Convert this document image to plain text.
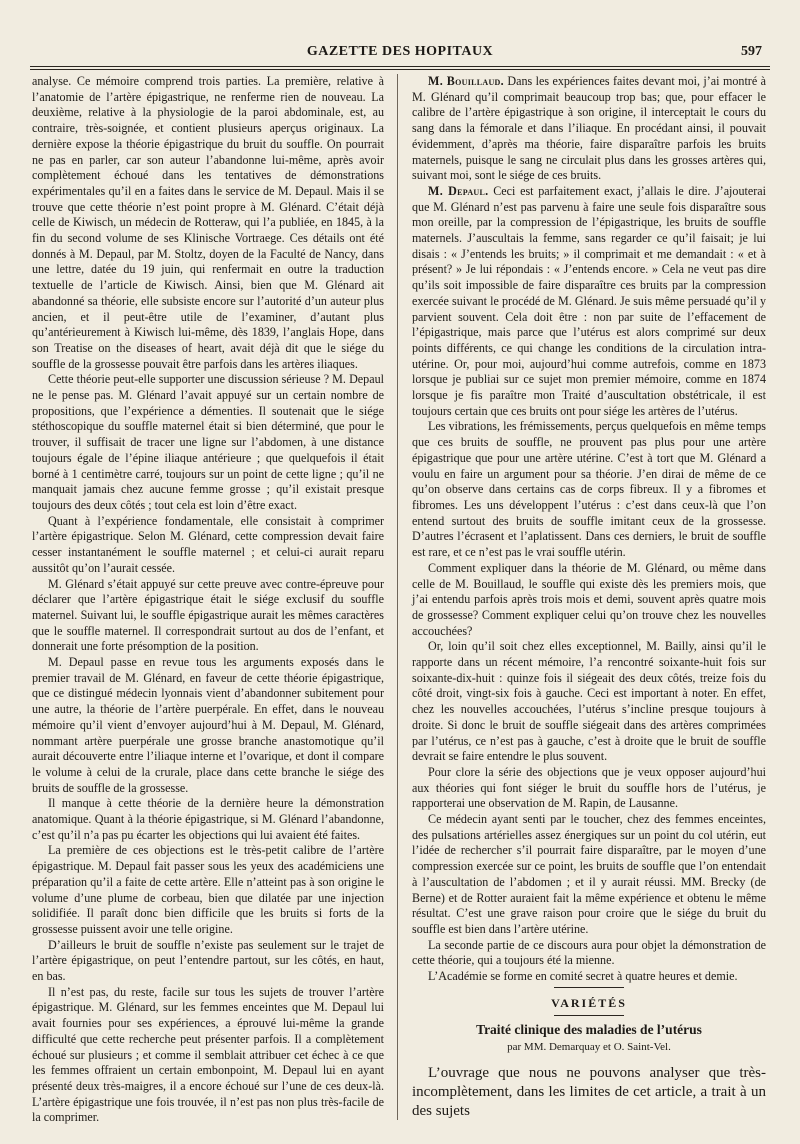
GAZETTE DES HOPITAUX	597

analyse. Ce mémoire comprend trois parties. La première, relative à l’anatomie de l’artère épigastrique, ne renferme rien de nouveau. La deuxième, relative à la physiologie de la paroi abdominale, est, au contraire, très-soignée, et contient plusieurs aperçus originaux. La dernière expose la théorie épigastrique du bruit du souffle. On pourrait ne pas en parler, car son auteur l’abandonne lui-même, après avoir complètement échoué dans les tentatives de démonstrations expérimentales qu’il en a faites dans le service de M. Depaul. Mais il se trouve que cette théorie n’est point propre à M. Glénard. C’était déjà celle de Kiwisch, un médecin de Rotteraw, qui l’a publiée, en 1845, à la fin du second volume de ses Klinische Vortraege. Ces détails ont été donnés à M. Depaul, par M. Stoltz, doyen de la Faculté de Nancy, dans une lettre, datée du 19 juin, qui renfermait en outre la traduction textuelle de l’article de Kiwisch. Ainsi, bien que M. Glénard ait abandonné sa théorie, elle subsiste encore sur l’autorité d’un auteur plus ancien, et il peut-être utile de l’examiner, d’autant plus qu’antérieurement à Kiwisch lui-même, dès 1839, l’anglais Hope, dans son Treatise on the diseases of heart, avait déjà dit que le siége du souffle de la grossesse pouvait être parfois dans les artères iliaques.

Cette théorie peut-elle supporter une discussion sérieuse ? M. Depaul ne le pense pas. M. Glénard l’avait appuyé sur un certain nombre de propositions, que l’expérience a démenties. Il soutenait que le siége stéthoscopique du souffle maternel était si bien déterminé, que pour le trouver, il suffisait de tracer une ligne sur l’abdomen, à une distance toujours égale de l’épine iliaque antérieure ; que quelquefois il était borné à 1 centimètre carré, toujours sur un point de cette ligne ; qu’il ne manquait jamais chez aucune femme grosse ; qu’il existait presque toujours des deux côtés ; tout cela est loin d’être exact.

Quant à l’expérience fondamentale, elle consistait à comprimer l’artère épigastrique. Selon M. Glénard, cette compression devait faire cesser instantanément le souffle maternel ; et celui-ci aurait reparu aussitôt qu’on l’aurait cessée.

M. Glénard s’était appuyé sur cette preuve avec contre-épreuve pour déclarer que l’artère épigastrique était le siége exclusif du souffle maternel. Suivant lui, le souffle épigastrique aurait les mêmes caractères que le souffle maternel. Il correspondrait surtout au dos de l’enfant, et donnerait une forte présomption de la position.

M. Depaul passe en revue tous les arguments exposés dans le premier travail de M. Glénard, en faveur de cette théorie épigastrique, que ce distingué médecin lyonnais vient d’abandonner subitement pour une autre, la théorie de l’artère puerpérale. En effet, dans le nouveau mémoire qu’il vient d’envoyer aujourd’hui à M. Depaul, M. Glénard, nommant artère puerpérale une grosse branche anastomotique qu’il aurait découverte entre l’iliaque interne et l’ovarique, et dont il compare le volume à celui de la crurale, place dans cette branche le siége des bruits de souffle de la grossesse.

Il manque à cette théorie de la dernière heure la démonstration anatomique. Quant à la théorie épigastrique, si M. Glénard l’abandonne, c’est qu’il n’a pas pu écarter les objections qui lui avaient été faites.

La première de ces objections est le très-petit calibre de l’artère épigastrique. M. Depaul fait passer sous les yeux des académiciens une préparation qu’il a faite de cette artère. Elle n’atteint pas à son origine le volume d’une plume de corbeau, bien que dilatée par une injection solidifiée. Il paraît donc bien difficile que les bruits si forts de la grossesse puissent avoir une telle origine.

D’ailleurs le bruit de souffle n’existe pas seulement sur le trajet de l’artère épigastrique, on peut l’entendre partout, sur les côtés, en haut, en bas.

Il n’est pas, du reste, facile sur tous les sujets de trouver l’artère épigastrique. M. Glénard, sur les femmes enceintes que M. Depaul lui avait fournies pour ses expériences, a éprouvé lui-même la grande difficulté que cette recherche peut présenter parfois. Il a complètement échoué sur plusieurs ; et comme il semblait attribuer cet échec à ce que les femmes offraient un certain embonpoint, M. Depaul lui en ayant présenté deux très-maigres, il a encore échoué sur l’une de ces deux-là. L’artère épigastrique une fois trouvée, il n’est pas non plus très-facile de la comprimer.

M. Bouillaud. Dans les expériences faites devant moi, j’ai montré à M. Glénard qu’il comprimait beaucoup trop bas; que, pour effacer le calibre de l’artère épigastrique à son origine, il interceptait le cours du sang dans la fémorale et dans l’iliaque. En procédant ainsi, il pouvait évidemment, d’après ma théorie, faire disparaître parfois les bruits maternels, puisque le sang ne circulait plus dans les grosses artères qui, suivant moi, sont le siége de ces bruits.

M. Depaul. Ceci est parfaitement exact, j’allais le dire. J’ajouterai que M. Glénard n’est pas parvenu à faire une seule fois disparaître sous mon oreille, par la compression de l’épigastrique, les bruits de souffle maternels. J’auscultais la femme, sans regarder ce qu’il faisait; je lui disais : « J’entends les bruits; » il comprimait et me demandait : « et à présent? » Je lui répondais : « J’entends encore. » Cela ne veut pas dire qu’ils soit impossible de faire disparaître ces bruits par la compression exercée suivant le procédé de M. Glénard. Je suis même persuadé qu’il y parvient souvent. Cela doit être : non par suite de l’effacement de l’épigastrique, mais parce que l’utérus est alors comprimé sur deux points différents, ce qui change les conditions de la circulation intra-utérine. Or, pour moi, aujourd’hui comme autrefois, comme en 1873 lorsque je publiai sur ce sujet mon premier mémoire, comme en 1874 lorsque je fis paraître mon Traité d’auscultation obstétricale, il est toujours certain que ces bruits ont pour siége les artères de l’utérus.

Les vibrations, les frémissements, perçus quelquefois en même temps que ces bruits de souffle, ne prouvent pas plus pour une artère épigastrique que pour une artère utérine. C’est à tort que M. Glénard a voulu en faire un argument pour sa théorie. J’en dirai de même de ce qu’on observe dans certains cas de corps fibreux. Il y a fibromes et fibromes. Les uns développent l’utérus : c’est dans ceux-là que l’on entend surtout des bruits de souffle imitant ceux de la grossesse. D’autres l’écrasent et l’aplatissent. Dans ces derniers, le bruit de souffle est rare, et ce n’est pas le vrai souffle utérin.

Comment expliquer dans la théorie de M. Glénard, ou même dans celle de M. Bouillaud, le souffle qui existe dès les premiers mois, que j’ai entendu parfois après trois mois et demi, souvent après quatre mois de grossesse? Comment expliquer celui qu’on trouve chez les nouvelles accouchées?

Or, loin qu’il soit chez elles exceptionnel, M. Bailly, ainsi qu’il le rapporte dans un récent mémoire, l’a rencontré soixante-huit fois sur soixante-dix-huit : quinze fois il siégeait des deux côtés, treize fois du côté droit, vingt-six fois à gauche. Ceci est important à noter. En effet, chez les nouvelles accouchées, l’utérus s’incline presque toujours à droite. Si donc le bruit de souffle siégeait dans des artères comprimées par l’utérus, ce n’est pas à gauche, c’est à droite que le bruit de souffle devrait se faire entendre le plus souvent.

Pour clore la série des objections que je veux opposer aujourd’hui aux théories qui font siéger le bruit du souffle hors de l’utérus, je rapporterai une observation de M. Rapin, de Lausanne.

Ce médecin ayant senti par le toucher, chez des femmes enceintes, des pulsations artérielles assez énergiques sur un point du col utérin, eut l’idée de rechercher s’il pourrait faire disparaître, par le moyen d’une compression exercée sur ce point, les bruits de souffle que l’on entendait à l’auscultation de l’abdomen ; et il y aurait réussi. MM. Brecky (de Berne) et de Rotter auraient fait la même expérience et obtenu le même résultat. C’est une grave raison pour croire que le siége du bruit du souffle est bien dans l’artère utérine.

La seconde partie de ce discours aura pour objet la démonstration de cette théorie, qui a toujours été la mienne.

L’Académie se forme en comité secret à quatre heures et demie.

VARIÉTÉS
Traité clinique des maladies de l’utérus
par MM. Demarquay et O. Saint-Vel.

L’ouvrage que nous ne pouvons analyser que très-incomplètement, dans les limites de cet article, a trait à un des sujets
